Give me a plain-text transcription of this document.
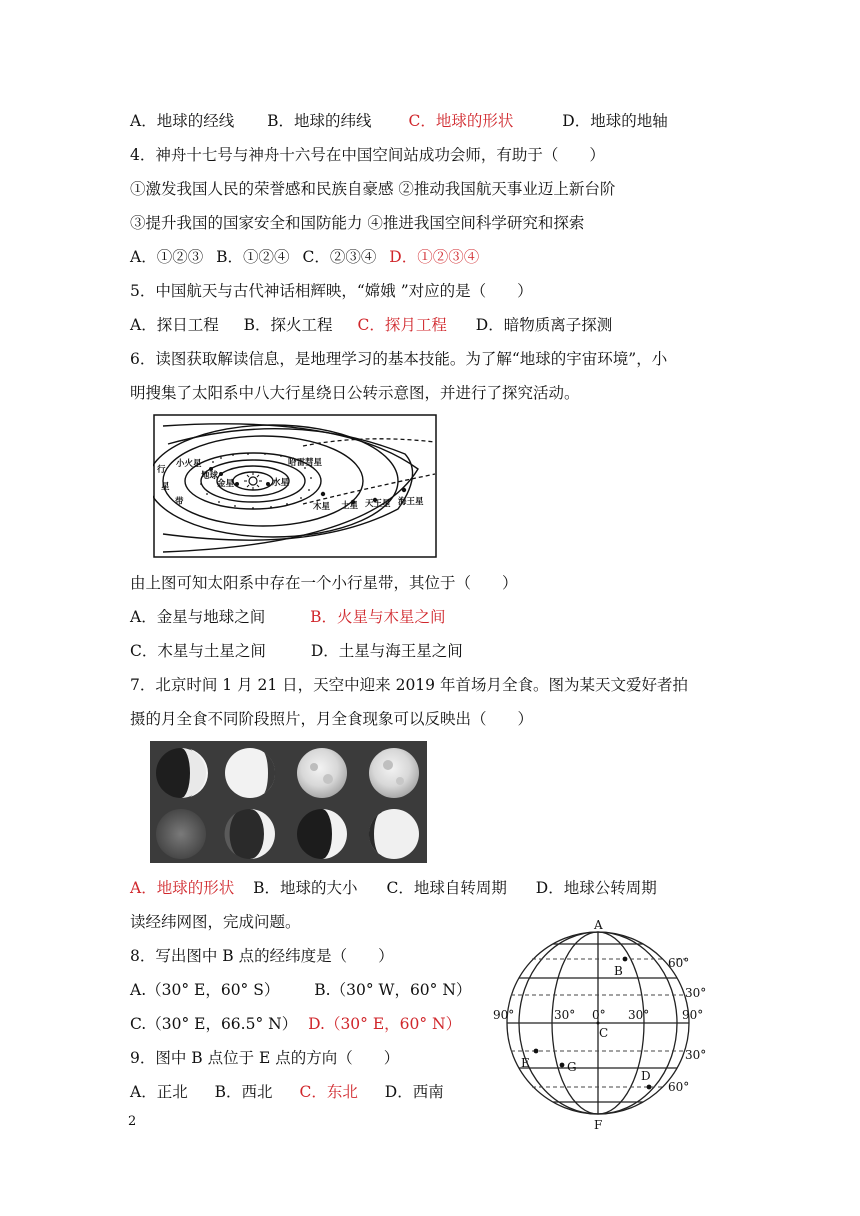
A．地球的经线 B．地球的纬线 C．地球的形状	D．地球的地轴
4．神舟十七号与神舟十六号在中国空间站成功会师，有助于（　　）
①激发我国人民的荣誉感和民族自豪感 ②推动我国航天事业迈上新台阶
③提升我国的国家安全和国防能力 ④推进我国空间科学研究和探索
A．①②③ B．①②④ C．②③④ D．①②③④
5．中国航天与古代神话相辉映，“嫦娥 ”对应的是（　　）
A．探日工程 B．探火工程 C．探月工程 D．暗物质离子探测
6．读图获取解读信息，是地理学习的基本技能。为了解“地球的宇宙环境”，小
明搜集了太阳系中八大行星绕日公转示意图，并进行了探究活动。
行
星
带
小火星
地球
金星	水星
哈雷彗星
木星 土星 天王星 海王星
由上图可知太阳系中存在一个小行星带，其位于（　　）
A．金星与地球之间	B．火星与木星之间
C．木星与土星之间	D．土星与海王星之间
7．北京时间 1 月 21 日，天空中迎来 2019 年首场月全食。图为某天文爱好者拍
摄的月全食不同阶段照片，月全食现象可以反映出（　　）
A．地球的形状 B．地球的大小 C．地球自转周期 D．地球公转周期
读经纬网图，完成问题。
8．写出图中 B 点的经纬度是（　　）
A.（30° E，60° S） B.（30° W，60° N）
C.（30° E，66.5° N） D.（30° E，60° N）
9．图中 B 点位于 E 点的方向（　　）
A．正北 B．西北 C．东北 D．西南
A
B
C
D
E
F
G
60°
30°
30°
60°
90°	30° 0° 30°	90°
2
